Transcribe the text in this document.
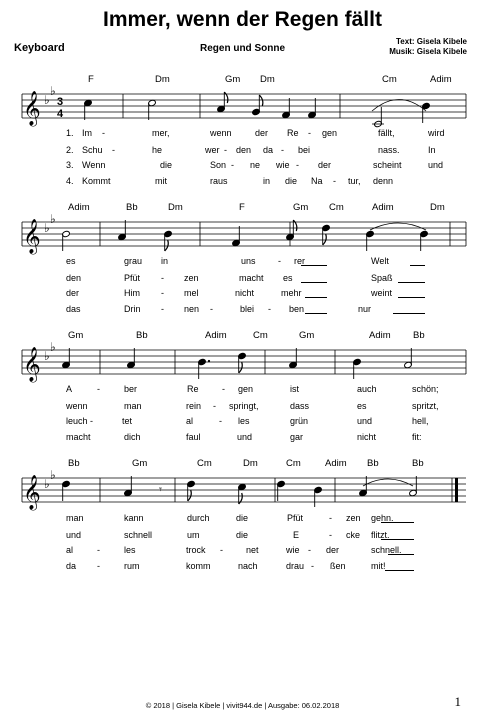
Immer, wenn der Regen fällt
Keyboard	Regen und Sonne
Text: Gisela Kibele
Musik: Gisela Kibele
𝄞 ♭
♭
3
4
F	Dm	Gm Dm	Cm	Adim
1. Im -	mer,	wenn	der Re - gen	fällt,	wird
2. Schu -	he	wer - den da - bei	nass.	In
3. Wenn	die	Son - ne wie - der	scheint	und
4. Kommt	mit	raus	in die Na - tur, denn
𝄞 ♭
♭
Adim	Bb	Dm	F	Gm Cm	Adim	Dm
es	grau in	uns - rer	Welt
den	Pfüt - zen	macht es	Spaß
der	Him - mel	nicht	mehr	weint
das	Drin - nen -	blei - ben	nur
𝄞 ♭
♭
Gm	Bb	Adim	Cm	Gm	Adim Bb
A	-	ber	Re	- gen	ist	auch	schön;
wenn	man	rein - springt,	dass	es	spritzt,
leuch -	tet	al	- les	grün	und	hell,
macht	dich	faul	und	gar	nicht	fit:
𝄞 ♭
♭
𝄾
Bb	Gm	Cm	Dm	Cm	Adim Bb	Bb
man	kann	durch	die	Pfüt	- zen gehn.
und	schnell	um	die	E	- cke flitzt.
al	-	les	trock -	net	wie - der	schnell.
da -	rum	komm	nach	drau - ßen	mit!
© 2018 | Gisela Kibele | vivit944.de | Ausgabe: 06.02.2018	1
